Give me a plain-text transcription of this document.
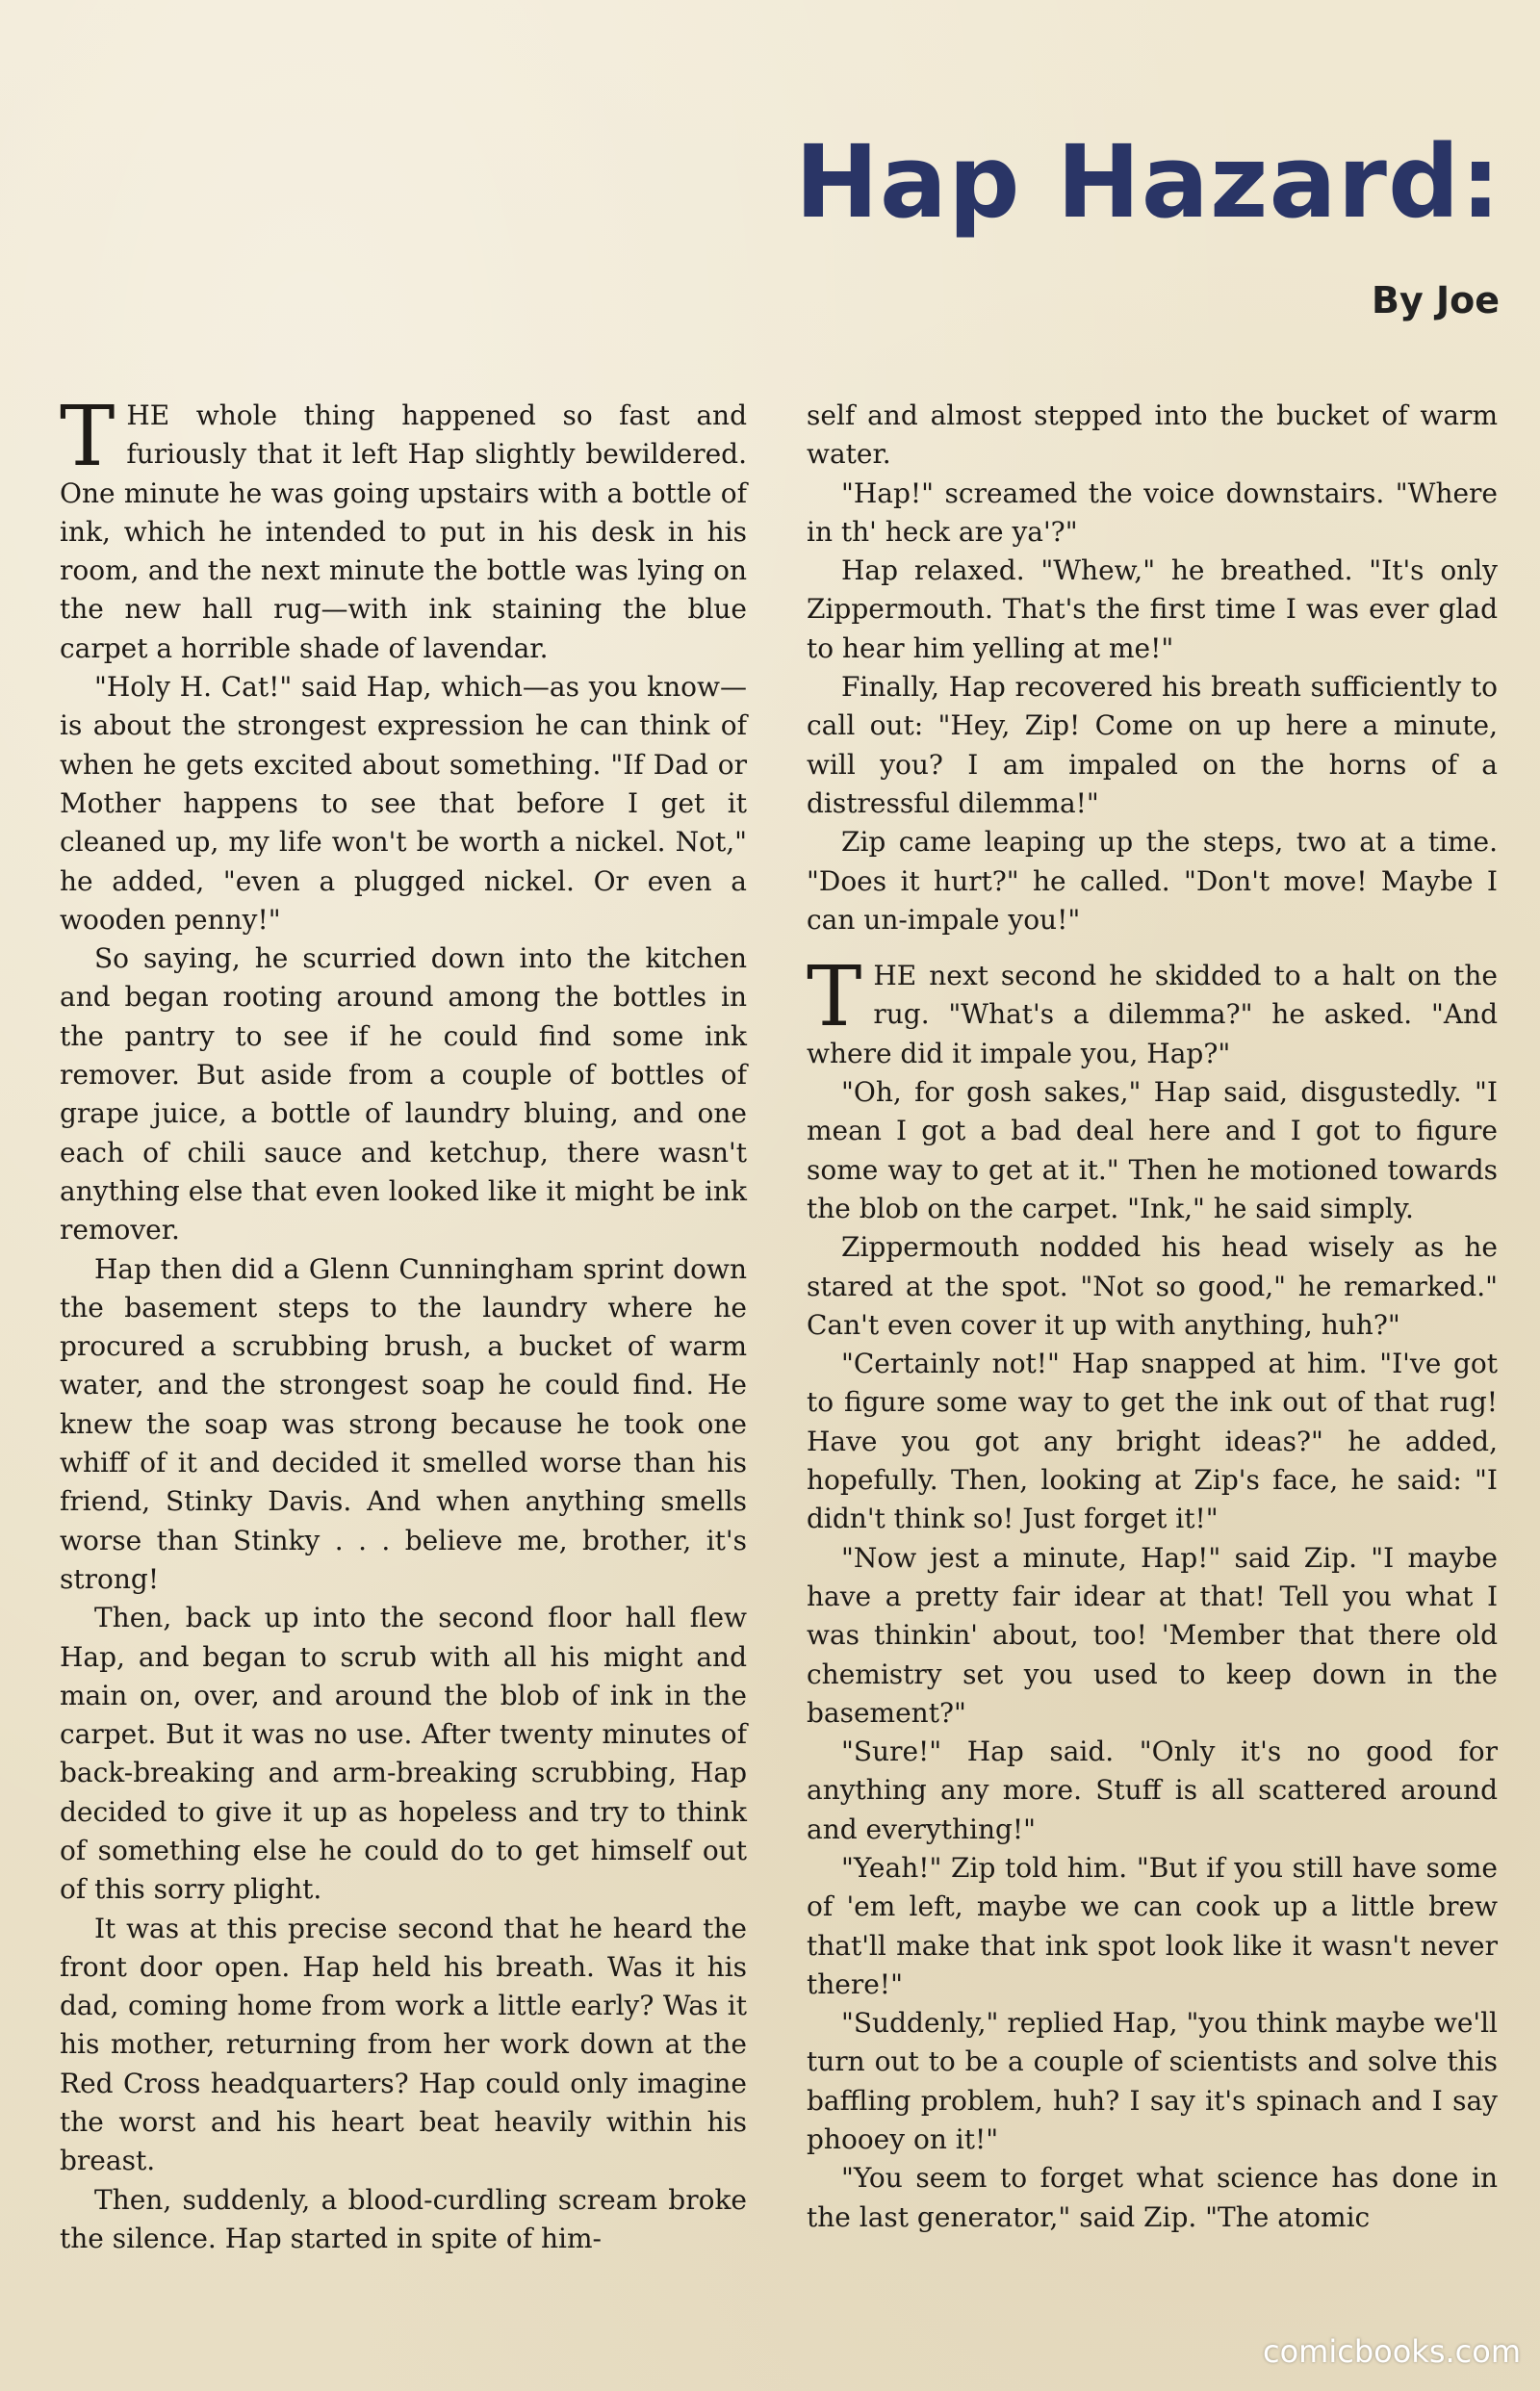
Hap Hazard:
By Joe

THE whole thing happened so fast and furiously that it left Hap slightly bewildered. One minute he was going upstairs with a bottle of ink, which he intended to put in his desk in his room, and the next minute the bottle was lying on the new hall rug—with ink staining the blue carpet a horrible shade of lavendar.

"Holy H. Cat!" said Hap, which—as you know—is about the strongest expression he can think of when he gets excited about something. "If Dad or Mother happens to see that before I get it cleaned up, my life won't be worth a nickel. Not," he added, "even a plugged nickel. Or even a wooden penny!"

So saying, he scurried down into the kitchen and began rooting around among the bottles in the pantry to see if he could find some ink remover. But aside from a couple of bottles of grape juice, a bottle of laundry bluing, and one each of chili sauce and ketchup, there wasn't anything else that even looked like it might be ink remover.

Hap then did a Glenn Cunningham sprint down the basement steps to the laundry where he procured a scrubbing brush, a bucket of warm water, and the strongest soap he could find. He knew the soap was strong because he took one whiff of it and decided it smelled worse than his friend, Stinky Davis. And when anything smells worse than Stinky . . . believe me, brother, it's strong!

Then, back up into the second floor hall flew Hap, and began to scrub with all his might and main on, over, and around the blob of ink in the carpet. But it was no use. After twenty minutes of back-breaking and arm-breaking scrubbing, Hap decided to give it up as hopeless and try to think of something else he could do to get himself out of this sorry plight.

It was at this precise second that he heard the front door open. Hap held his breath. Was it his dad, coming home from work a little early? Was it his mother, returning from her work down at the Red Cross headquarters? Hap could only imagine the worst and his heart beat heavily within his breast.

Then, suddenly, a blood-curdling scream broke the silence. Hap started in spite of him-

self and almost stepped into the bucket of warm water.

"Hap!" screamed the voice downstairs. "Where in th' heck are ya'?"

Hap relaxed. "Whew," he breathed. "It's only Zippermouth. That's the first time I was ever glad to hear him yelling at me!"

Finally, Hap recovered his breath sufficiently to call out: "Hey, Zip! Come on up here a minute, will you? I am impaled on the horns of a distressful dilemma!"

Zip came leaping up the steps, two at a time. "Does it hurt?" he called. "Don't move! Maybe I can un-impale you!"

THE next second he skidded to a halt on the rug. "What's a dilemma?" he asked. "And where did it impale you, Hap?"

"Oh, for gosh sakes," Hap said, disgustedly. "I mean I got a bad deal here and I got to figure some way to get at it." Then he motioned towards the blob on the carpet. "Ink," he said simply.

Zippermouth nodded his head wisely as he stared at the spot. "Not so good," he remarked." Can't even cover it up with anything, huh?"

"Certainly not!" Hap snapped at him. "I've got to figure some way to get the ink out of that rug! Have you got any bright ideas?" he added, hopefully. Then, looking at Zip's face, he said: "I didn't think so! Just forget it!"

"Now jest a minute, Hap!" said Zip. "I maybe have a pretty fair idear at that! Tell you what I was thinkin' about, too! 'Member that there old chemistry set you used to keep down in the basement?"

"Sure!" Hap said. "Only it's no good for anything any more. Stuff is all scattered around and everything!"

"Yeah!" Zip told him. "But if you still have some of 'em left, maybe we can cook up a little brew that'll make that ink spot look like it wasn't never there!"

"Suddenly," replied Hap, "you think maybe we'll turn out to be a couple of scientists and solve this baffling problem, huh? I say it's spinach and I say phooey on it!"

"You seem to forget what science has done in the last generator," said Zip. "The atomic

comicbooks.com
